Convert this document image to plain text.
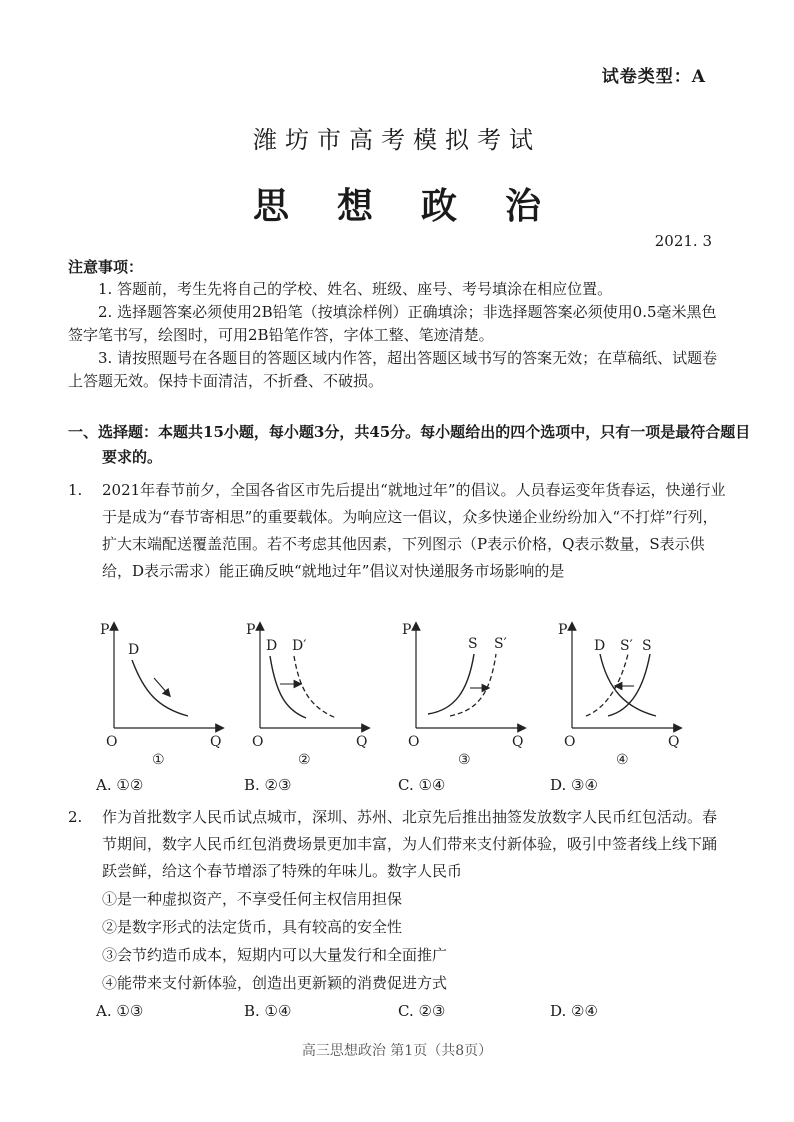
试卷类型：A
潍坊市高考模拟考试
思想政治
2021. 3
注意事项：
1. 答题前，考生先将自己的学校、姓名、班级、座号、考号填涂在相应位置。
2. 选择题答案必须使用2B铅笔（按填涂样例）正确填涂；非选择题答案必须使用0.5毫米黑色签字笔书写，绘图时，可用2B铅笔作答，字体工整、笔迹清楚。
3. 请按照题号在各题目的答题区域内作答，超出答题区域书写的答案无效；在草稿纸、试题卷上答题无效。保持卡面清洁，不折叠、不破损。
一、选择题：本题共15小题，每小题3分，共45分。每小题给出的四个选项中，只有一项是最符合题目要求的。
1.	2021年春节前夕，全国各省区市先后提出“就地过年”的倡议。人员春运变年货春运，快递行业于是成为“春节寄相思”的重要载体。为响应这一倡议，众多快递企业纷纷加入“不打烊”行列，扩大末端配送覆盖范围。若不考虑其他因素，下列图示（P表示价格，Q表示数量，S表示供给，D表示需求）能正确反映“就地过年”倡议对快递服务市场影响的是
P
Q
O
D
①
P
Q
O
D D′
②
P
Q
O
S S′
③
P
Q
O
D S′ S
④
A. ①②	B. ②③	C. ①④	D. ③④
2.	作为首批数字人民币试点城市，深圳、苏州、北京先后推出抽签发放数字人民币红包活动。春节期间，数字人民币红包消费场景更加丰富，为人们带来支付新体验，吸引中签者线上线下踊跃尝鲜，给这个春节增添了特殊的年味儿。数字人民币
①是一种虚拟资产，不享受任何主权信用担保
②是数字形式的法定货币，具有较高的安全性
③会节约造币成本，短期内可以大量发行和全面推广
④能带来支付新体验，创造出更新颖的消费促进方式
A. ①③	B. ①④	C. ②③	D. ②④
高三思想政治 第1页（共8页）
